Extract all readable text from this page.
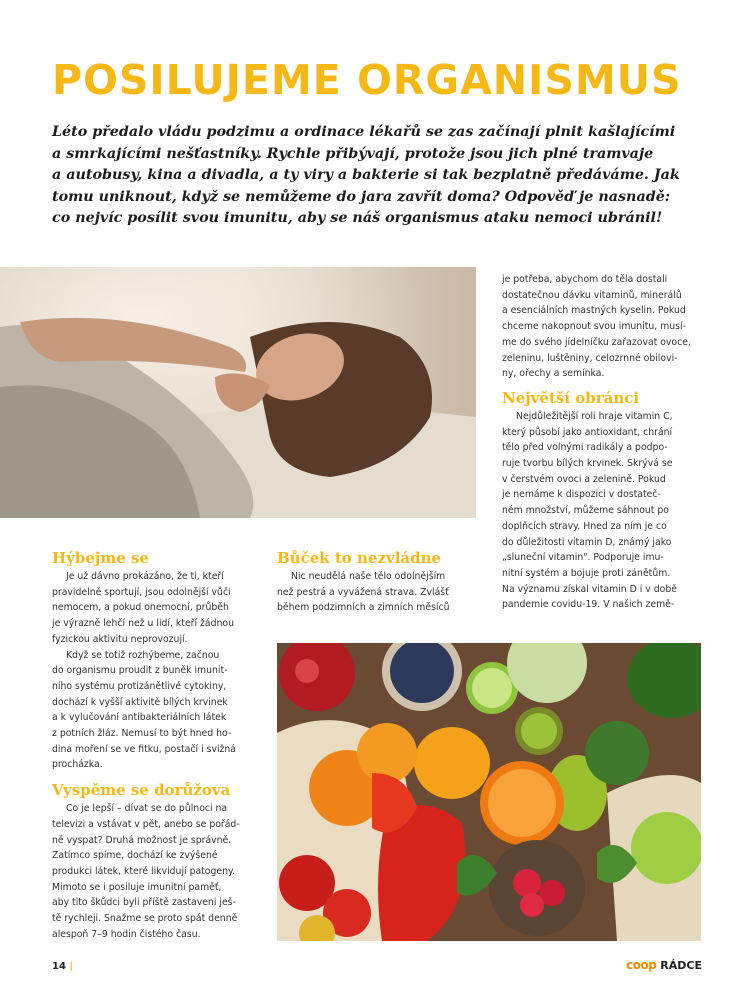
POSILUJEME ORGANISMUS

Léto předalo vládu podzimu a ordinace lékařů se zas začínají plnit kašlajícími

a smrkajícími nešťastníky. Rychle přibývají, protože jsou jich plné tramvaje

a autobusy, kina a divadla, a ty viry a bakterie si tak bezplatně předáváme. Jak

tomu uniknout, když se nemůžeme do jara zavřít doma? Odpověď je nasnadě:

co nejvíc posílit svou imunitu, aby se náš organismus ataku nemoci ubránil!

Hýbejme se

Je už dávno prokázáno, že ti, kteří

pravidelně sportují, jsou odolnější vůči

nemocem, a pokud onemocní, průběh

je výrazně lehčí než u lidí, kteří žádnou

fyzickou aktivitu neprovozují.

Když se totiž rozhýbeme, začnou

do organismu proudit z buněk imunit-

ního systému protizánětlivé cytokiny,

dochází k vyšší aktivitě bílých krvinek

a k vylučování antibakteriálních látek

z potních žláz. Nemusí to být hned ho-

dina moření se ve fitku, postačí i svižná

procházka.

Vyspěme se dorůžova

Co je lepší – dívat se do půlnoci na

televizi a vstávat v pět, anebo se pořád-

ně vyspat? Druhá možnost je správně.

Zatímco spíme, dochází ke zvýšené

produkci látek, které likvidují patogeny.

Mimoto se i posiluje imunitní paměť,

aby tito škůdci byli příště zastaveni ješ-

tě rychleji. Snažme se proto spát denně

alespoň 7–9 hodin čistého času.

Bůček to nezvládne

Nic neudělá naše tělo odolnějším

než pestrá a vyvážená strava. Zvlášť

během podzimních a zimních měsíců

je potřeba, abychom do těla dostali

dostatečnou dávku vitaminů, minerálů

a esenciálních mastných kyselin. Pokud

chceme nakopnout svou imunitu, musí-

me do svého jídelníčku zařazovat ovoce,

zeleninu, luštěniny, celozrnné obilovi-

ny, ořechy a semínka.

Největší obránci

Nejdůležitější roli hraje vitamin C,

který působí jako antioxidant, chrání

tělo před volnými radikály a podpo-

ruje tvorbu bílých krvinek. Skrývá se

v čerstvém ovoci a zelenině. Pokud

je nemáme k dispozici v dostateč-

ném množství, můžeme sáhnout po

doplňcích stravy. Hned za ním je co

do důležitosti vitamin D, známý jako

„sluneční vitamin". Podporuje imu-

nitní systém a bojuje proti zánětům.

Na významu získal vitamin D i v době

pandemie covidu-19. V našich země-

14 |	coop RÁDCE
